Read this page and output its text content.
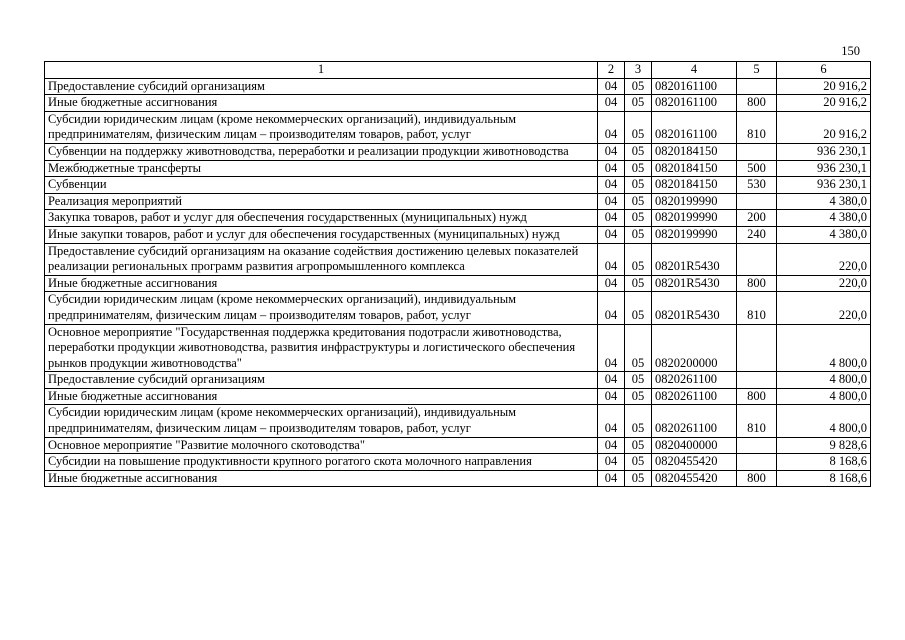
150
1	2	3	4	5	6
Предоставление субсидий организациям	04	05	0820161100		20 916,2
Иные бюджетные ассигнования	04	05	0820161100	800	20 916,2
Субсидии юридическим лицам (кроме некоммерческих организаций), индивидуальным предпринимателям, физическим лицам – производителям товаров, работ, услуг	04	05	0820161100	810	20 916,2
Субвенции на поддержку животноводства, переработки и реализации продукции животноводства	04	05	0820184150		936 230,1
Межбюджетные трансферты	04	05	0820184150	500	936 230,1
Субвенции	04	05	0820184150	530	936 230,1
Реализация мероприятий	04	05	0820199990		4 380,0
Закупка товаров, работ и услуг для обеспечения государственных (муниципальных) нужд	04	05	0820199990	200	4 380,0
Иные закупки товаров, работ и услуг для обеспечения государственных (муниципальных) нужд	04	05	0820199990	240	4 380,0
Предоставление субсидий организациям на оказание содействия достижению целевых показателей реализации региональных программ развития агропромышленного комплекса	04	05	08201R5430		220,0
Иные бюджетные ассигнования	04	05	08201R5430	800	220,0
Субсидии юридическим лицам (кроме некоммерческих организаций), индивидуальным предпринимателям, физическим лицам – производителям товаров, работ, услуг	04	05	08201R5430	810	220,0
Основное мероприятие "Государственная поддержка кредитования подотрасли животноводства, переработки продукции животноводства, развития инфраструктуры и логистического обеспечения рынков продукции животноводства"	04	05	0820200000		4 800,0
Предоставление субсидий организациям	04	05	0820261100		4 800,0
Иные бюджетные ассигнования	04	05	0820261100	800	4 800,0
Субсидии юридическим лицам (кроме некоммерческих организаций), индивидуальным предпринимателям, физическим лицам – производителям товаров, работ, услуг	04	05	0820261100	810	4 800,0
Основное мероприятие "Развитие молочного скотоводства"	04	05	0820400000		9 828,6
Субсидии на повышение продуктивности крупного рогатого скота молочного направления	04	05	0820455420		8 168,6
Иные бюджетные ассигнования	04	05	0820455420	800	8 168,6
